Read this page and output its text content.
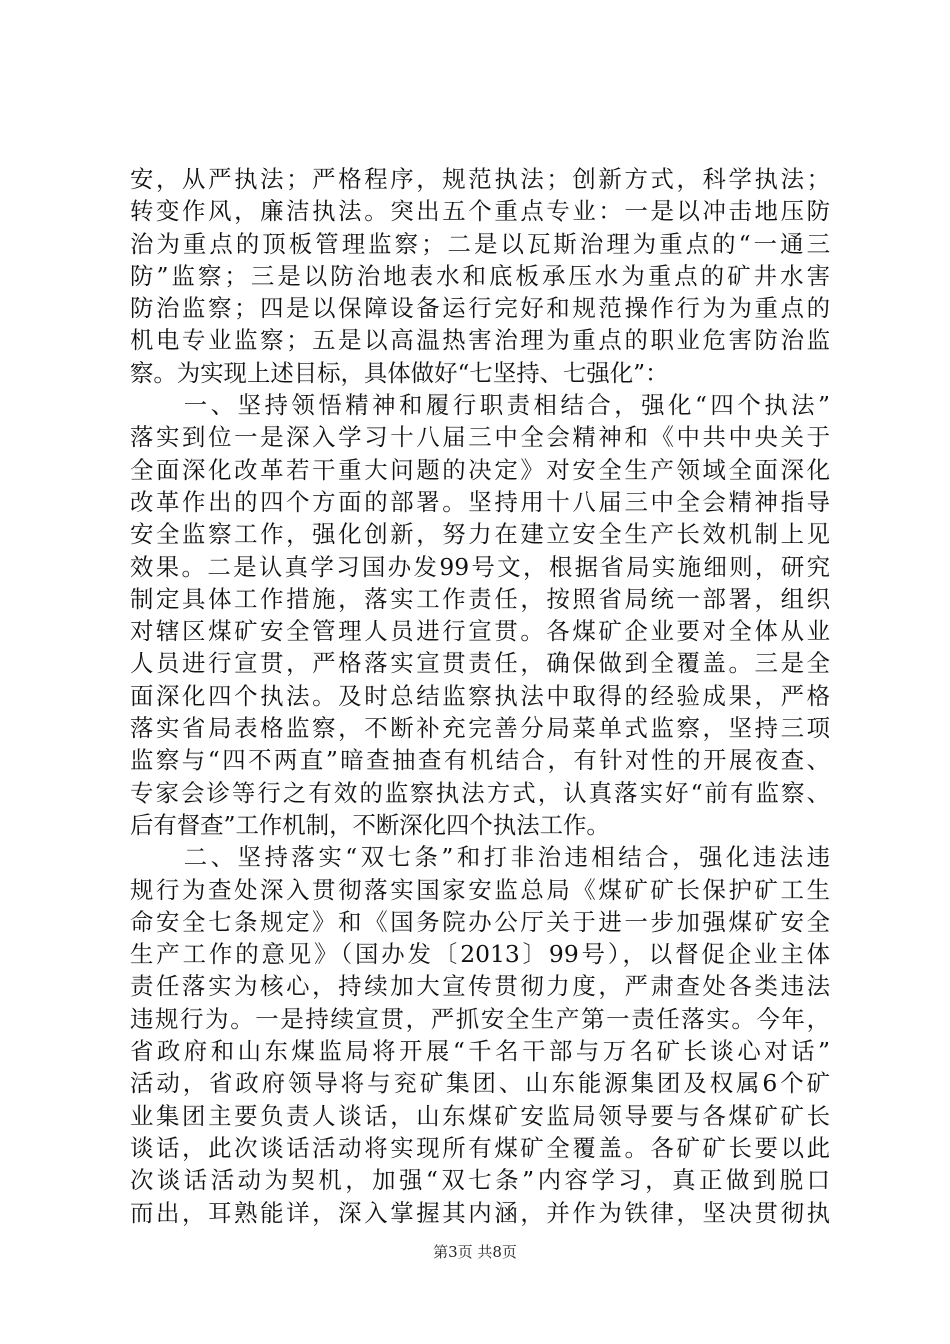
安，从严执法；严格程序，规范执法；创新方式，科学执法；
转变作风，廉洁执法。突出五个重点专业：一是以冲击地压防
治为重点的顶板管理监察；二是以瓦斯治理为重点的“一通三
防”监察；三是以防治地表水和底板承压水为重点的矿井水害
防治监察；四是以保障设备运行完好和规范操作行为为重点的
机电专业监察；五是以高温热害治理为重点的职业危害防治监
察。为实现上述目标，具体做好“七坚持、七强化”：
　　一、坚持领悟精神和履行职责相结合，强化“四个执法”
落实到位一是深入学习十八届三中全会精神和《中共中央关于
全面深化改革若干重大问题的决定》对安全生产领域全面深化
改革作出的四个方面的部署。坚持用十八届三中全会精神指导
安全监察工作，强化创新，努力在建立安全生产长效机制上见
效果。二是认真学习国办发99号文，根据省局实施细则，研究
制定具体工作措施，落实工作责任，按照省局统一部署，组织
对辖区煤矿安全管理人员进行宣贯。各煤矿企业要对全体从业
人员进行宣贯，严格落实宣贯责任，确保做到全覆盖。三是全
面深化四个执法。及时总结监察执法中取得的经验成果，严格
落实省局表格监察，不断补充完善分局菜单式监察，坚持三项
监察与“四不两直”暗查抽查有机结合，有针对性的开展夜查、
专家会诊等行之有效的监察执法方式，认真落实好“前有监察、
后有督查”工作机制，不断深化四个执法工作。
　　二、坚持落实“双七条”和打非治违相结合，强化违法违
规行为查处深入贯彻落实国家安监总局《煤矿矿长保护矿工生
命安全七条规定》和《国务院办公厅关于进一步加强煤矿安全
生产工作的意见》（国办发〔2013〕99号），以督促企业主体
责任落实为核心，持续加大宣传贯彻力度，严肃查处各类违法
违规行为。一是持续宣贯，严抓安全生产第一责任落实。今年，
省政府和山东煤监局将开展“千名干部与万名矿长谈心对话”
活动，省政府领导将与兖矿集团、山东能源集团及权属6个矿
业集团主要负责人谈话，山东煤矿安监局领导要与各煤矿矿长
谈话，此次谈话活动将实现所有煤矿全覆盖。各矿矿长要以此
次谈话活动为契机，加强“双七条”内容学习，真正做到脱口
而出，耳熟能详，深入掌握其内涵，并作为铁律，坚决贯彻执
第3页 共8页
